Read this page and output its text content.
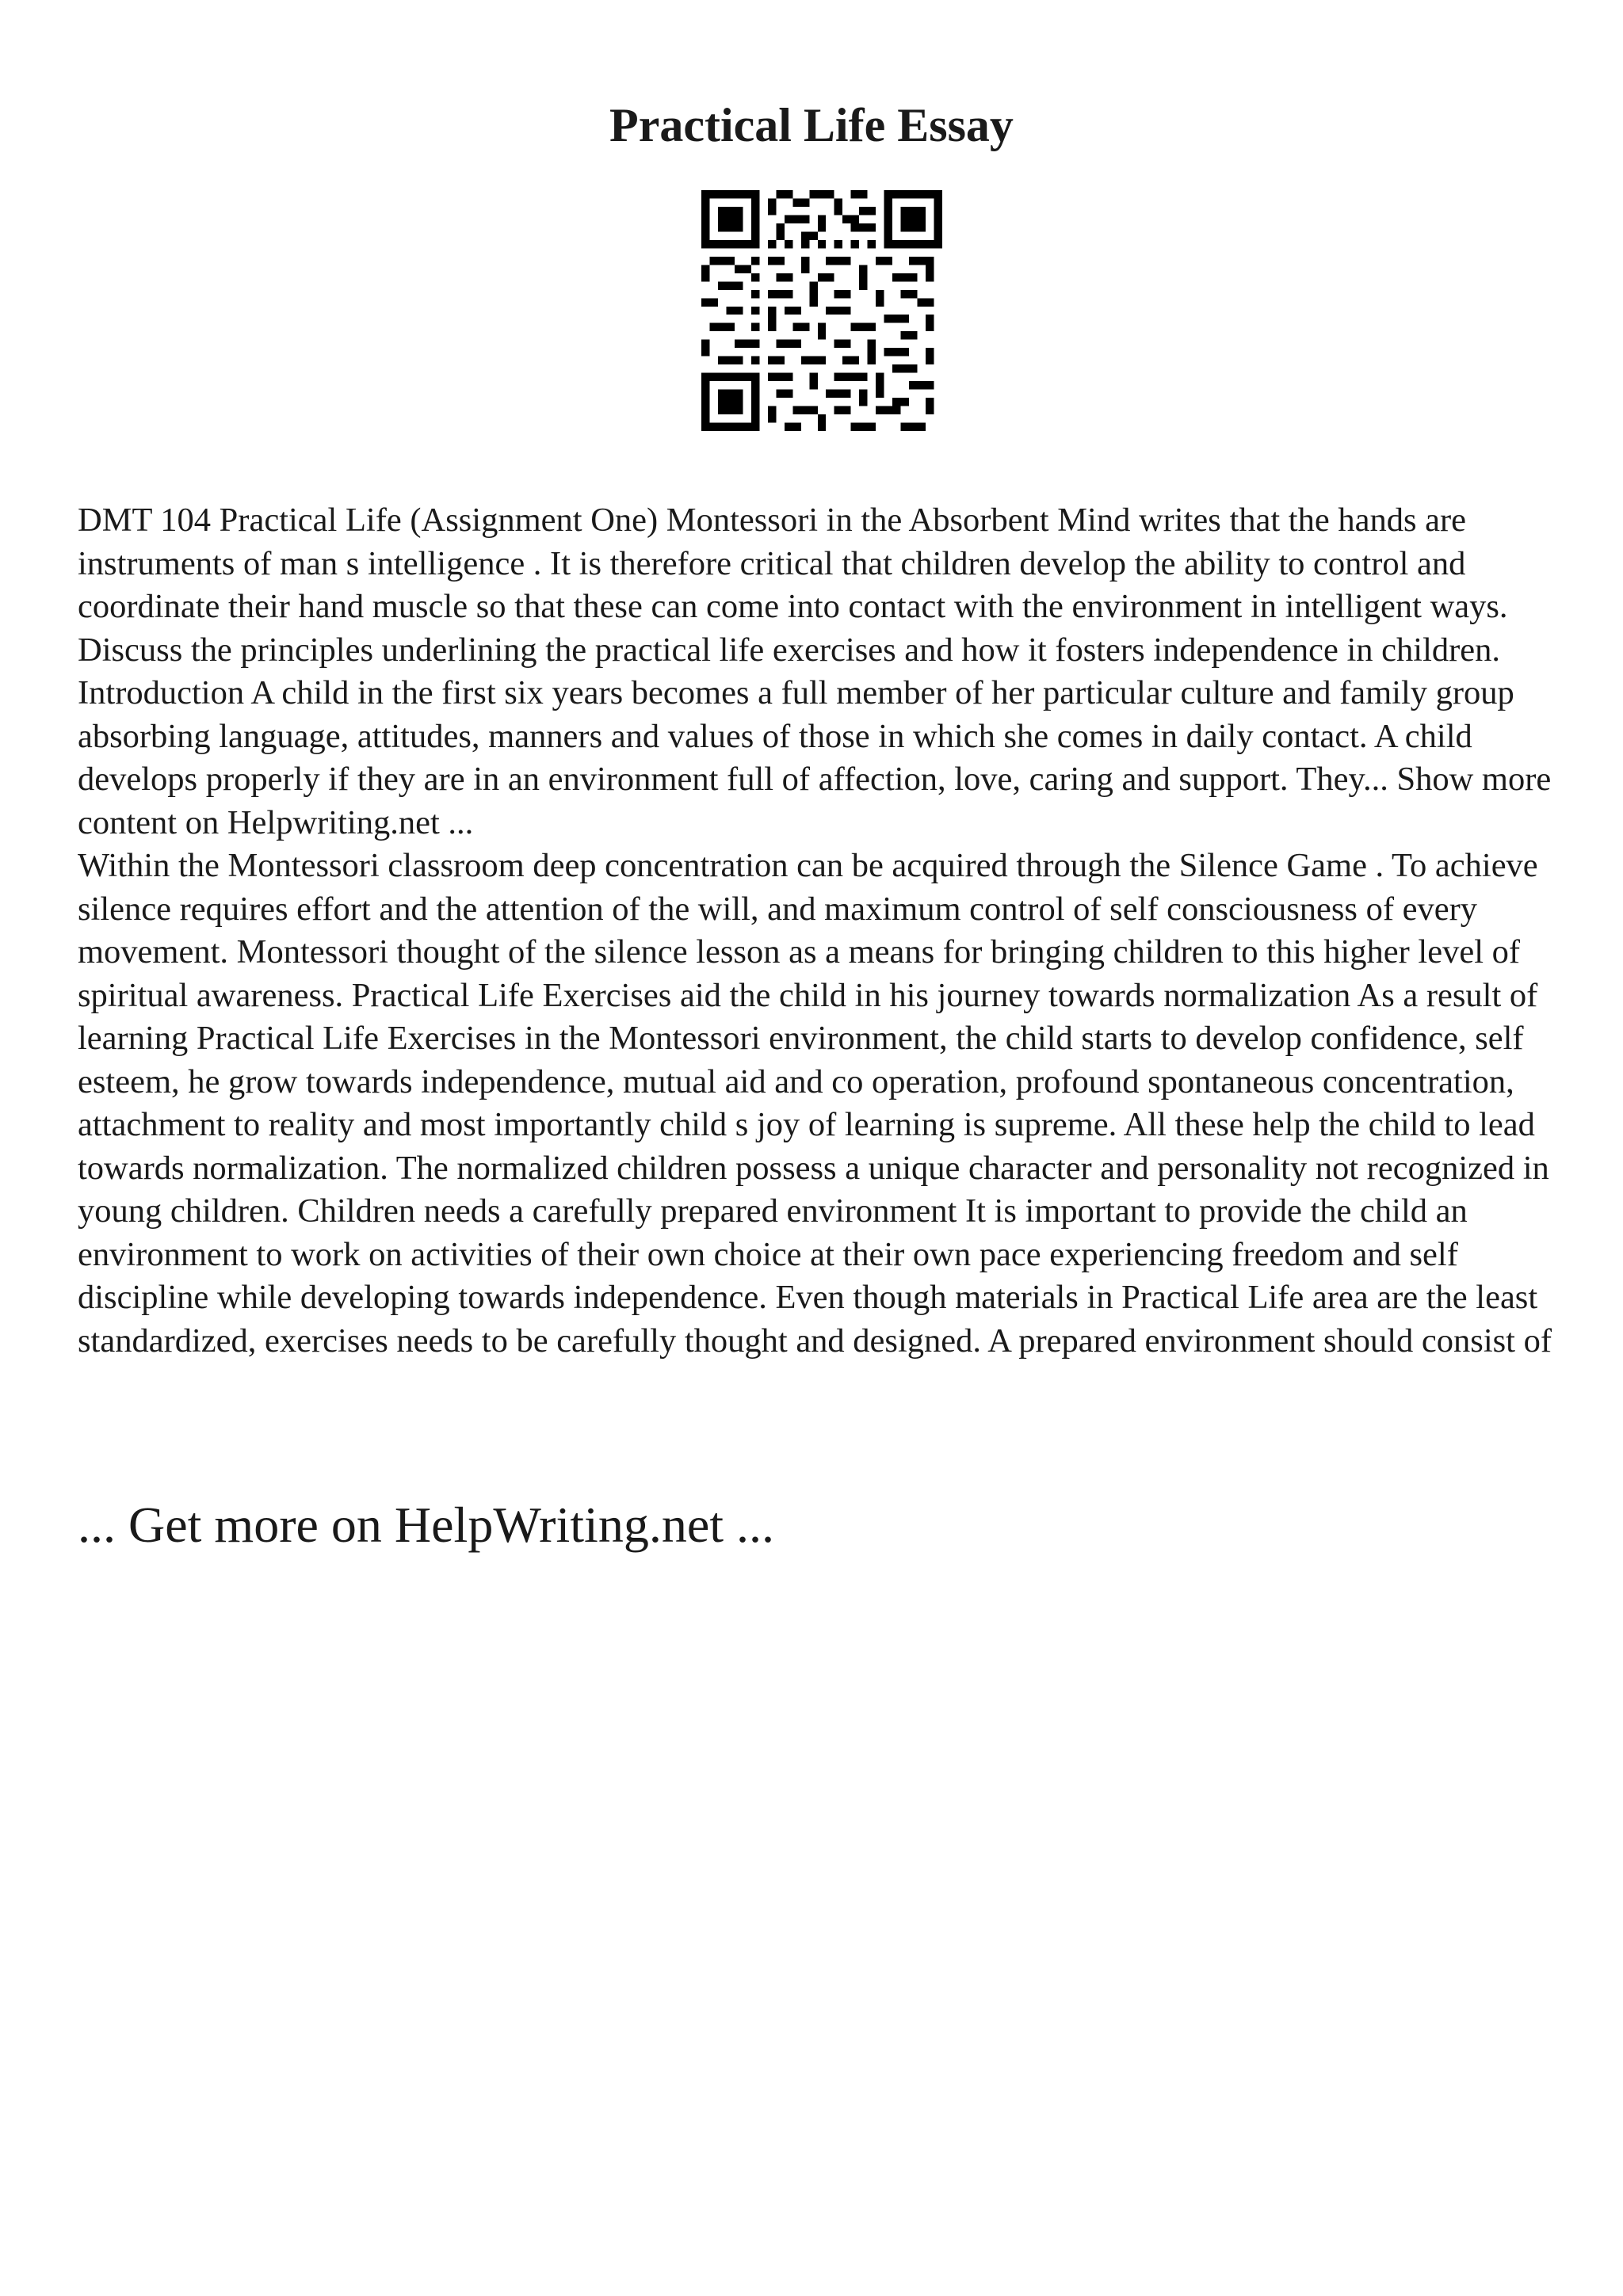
Practical Life Essay

DMT 104 Practical Life (Assignment One) Montessori in the Absorbent Mind writes that the hands are instruments of man s intelligence . It is therefore critical that children develop the ability to control and coordinate their hand muscle so that these can come into contact with the environment in intelligent ways. Discuss the principles underlining the practical life exercises and how it fosters independence in children. Introduction A child in the first six years becomes a full member of her particular culture and family group absorbing language, attitudes, manners and values of those in which she comes in daily contact. A child develops properly if they are in an environment full of affection, love, caring and support. They... Show more content on Helpwriting.net ...

Within the Montessori classroom deep concentration can be acquired through the Silence Game . To achieve silence requires effort and the attention of the will, and maximum control of self consciousness of every movement. Montessori thought of the silence lesson as a means for bringing children to this higher level of spiritual awareness. Practical Life Exercises aid the child in his journey towards normalization As a result of learning Practical Life Exercises in the Montessori environment, the child starts to develop confidence, self esteem, he grow towards independence, mutual aid and co operation, profound spontaneous concentration, attachment to reality and most importantly child s joy of learning is supreme. All these help the child to lead towards normalization. The normalized children possess a unique character and personality not recognized in young children. Children needs a carefully prepared environment It is important to provide the child an environment to work on activities of their own choice at their own pace experiencing freedom and self discipline while developing towards independence. Even though materials in Practical Life area are the least standardized, exercises needs to be carefully thought and designed. A prepared environment should consist of

... Get more on HelpWriting.net ...
